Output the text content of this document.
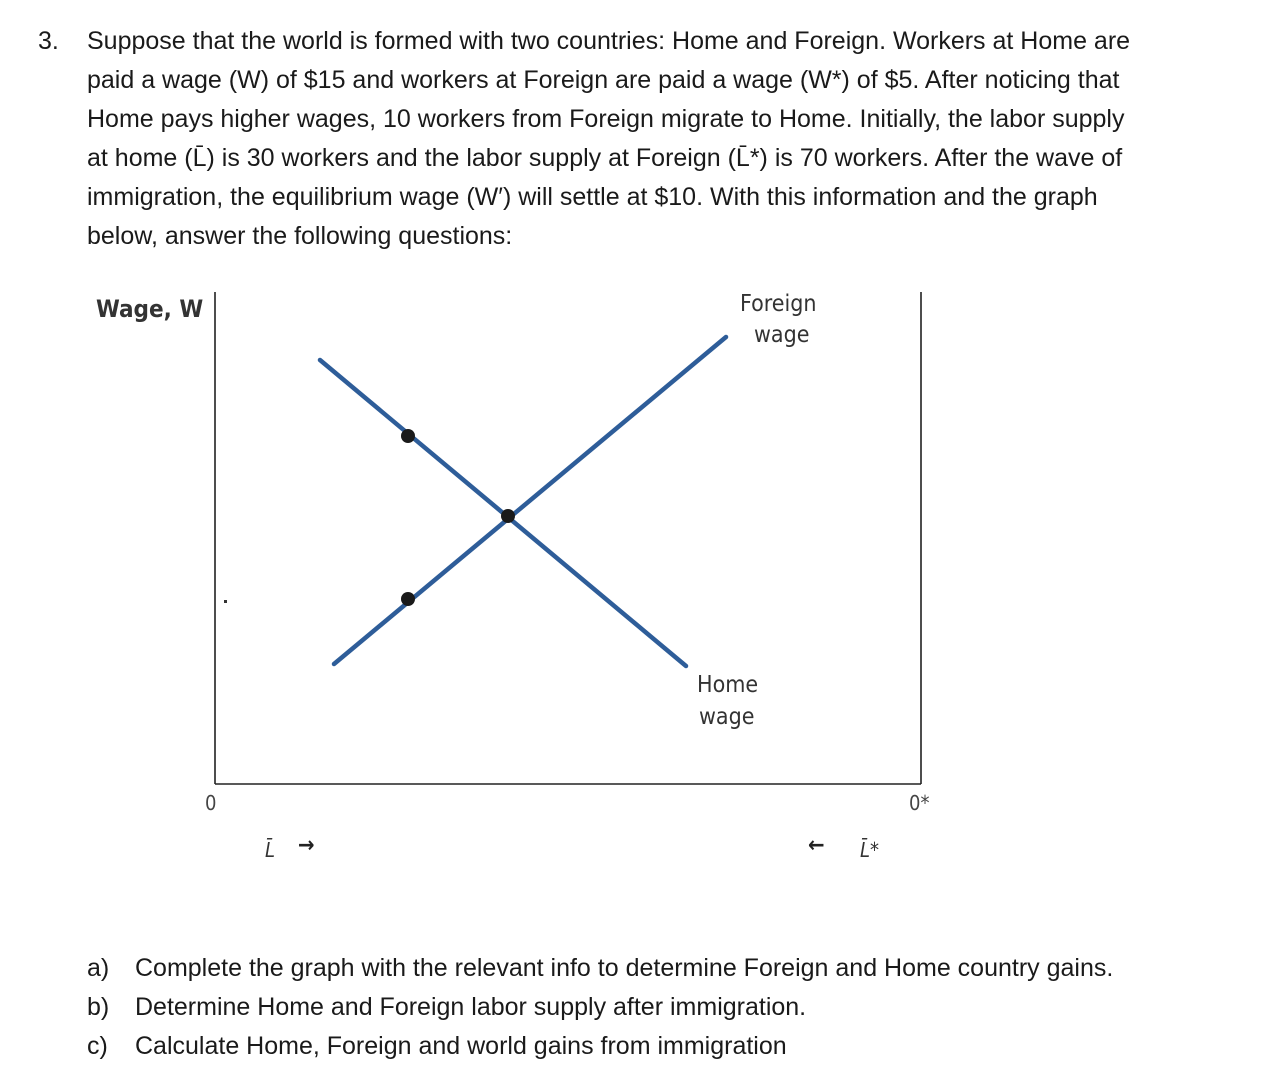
3. Suppose that the world is formed with two countries: Home and Foreign. Workers at Home are
paid a wage (W) of $15 and workers at Foreign are paid a wage (W*) of $5. After noticing that
Home pays higher wages, 10 workers from Foreign migrate to Home. Initially, the labor supply
at home (L̄) is 30 workers and the labor supply at Foreign (L̄*) is 70 workers. After the wave of
immigration, the equilibrium wage (W′) will settle at $10. With this information and the graph
below, answer the following questions:
Wage, W	Foreign wage
Home wage
0	0*
L̄ →	← L̄*
a) Complete the graph with the relevant info to determine Foreign and Home country gains.
b) Determine Home and Foreign labor supply after immigration.
c) Calculate Home, Foreign and world gains from immigration
